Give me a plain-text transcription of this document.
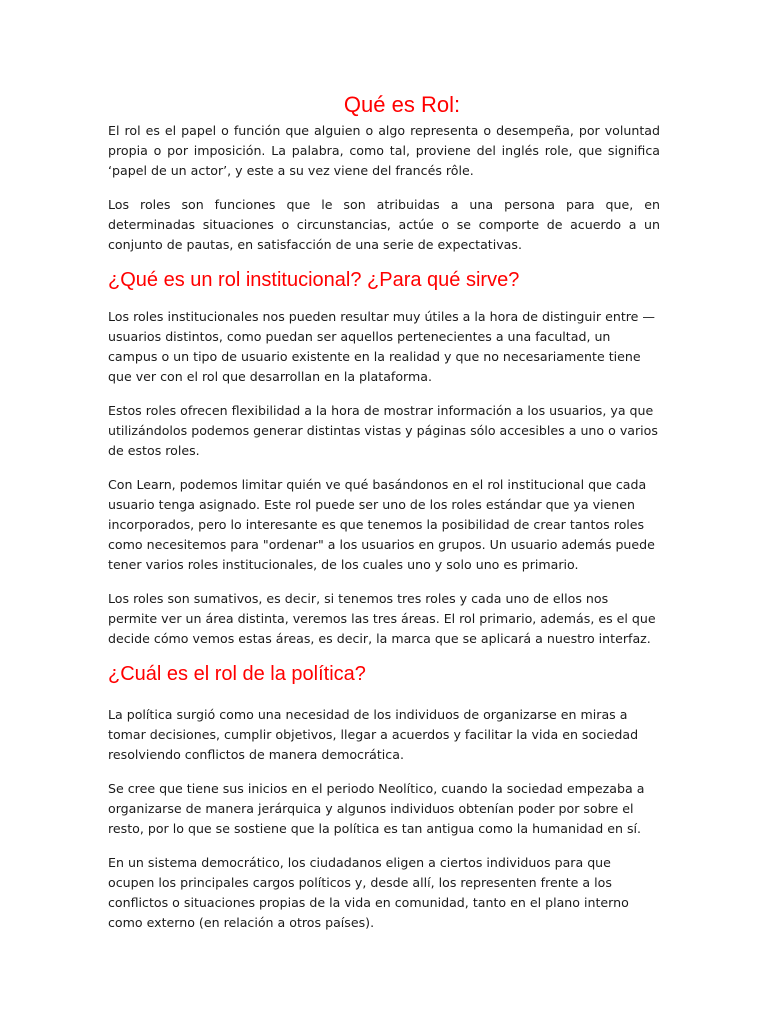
Qué es Rol:

El rol es el papel o función que alguien o algo representa o desempeña, por voluntad propia o por imposición. La palabra, como tal, proviene del inglés role, que significa ‘papel de un actor’, y este a su vez viene del francés rôle.

Los roles son funciones que le son atribuidas a una persona para que, en determinadas situaciones o circunstancias, actúe o se comporte de acuerdo a un conjunto de pautas, en satisfacción de una serie de expectativas.

¿Qué es un rol institucional? ¿Para qué sirve?

Los roles institucionales nos pueden resultar muy útiles a la hora de distinguir entre — usuarios distintos, como puedan ser aquellos pertenecientes a una facultad, un campus o un tipo de usuario existente en la realidad y que no necesariamente tiene que ver con el rol que desarrollan en la plataforma.

Estos roles ofrecen flexibilidad a la hora de mostrar información a los usuarios, ya que utilizándolos podemos generar distintas vistas y páginas sólo accesibles a uno o varios de estos roles.

Con Learn, podemos limitar quién ve qué basándonos en el rol institucional que cada usuario tenga asignado. Este rol puede ser uno de los roles estándar que ya vienen incorporados, pero lo interesante es que tenemos la posibilidad de crear tantos roles como necesitemos para "ordenar" a los usuarios en grupos. Un usuario además puede tener varios roles institucionales, de los cuales uno y solo uno es primario.

Los roles son sumativos, es decir, si tenemos tres roles y cada uno de ellos nos permite ver un área distinta, veremos las tres áreas. El rol primario, además, es el que decide cómo vemos estas áreas, es decir, la marca que se aplicará a nuestro interfaz.

¿Cuál es el rol de la política?

La política surgió como una necesidad de los individuos de organizarse en miras a tomar decisiones, cumplir objetivos, llegar a acuerdos y facilitar la vida en sociedad resolviendo conflictos de manera democrática.

Se cree que tiene sus inicios en el periodo Neolítico, cuando la sociedad empezaba a organizarse de manera jerárquica y algunos individuos obtenían poder por sobre el resto, por lo que se sostiene que la política es tan antigua como la humanidad en sí.

En un sistema democrático, los ciudadanos eligen a ciertos individuos para que ocupen los principales cargos políticos y, desde allí, los representen frente a los conflictos o situaciones propias de la vida en comunidad, tanto en el plano interno como externo (en relación a otros países).
